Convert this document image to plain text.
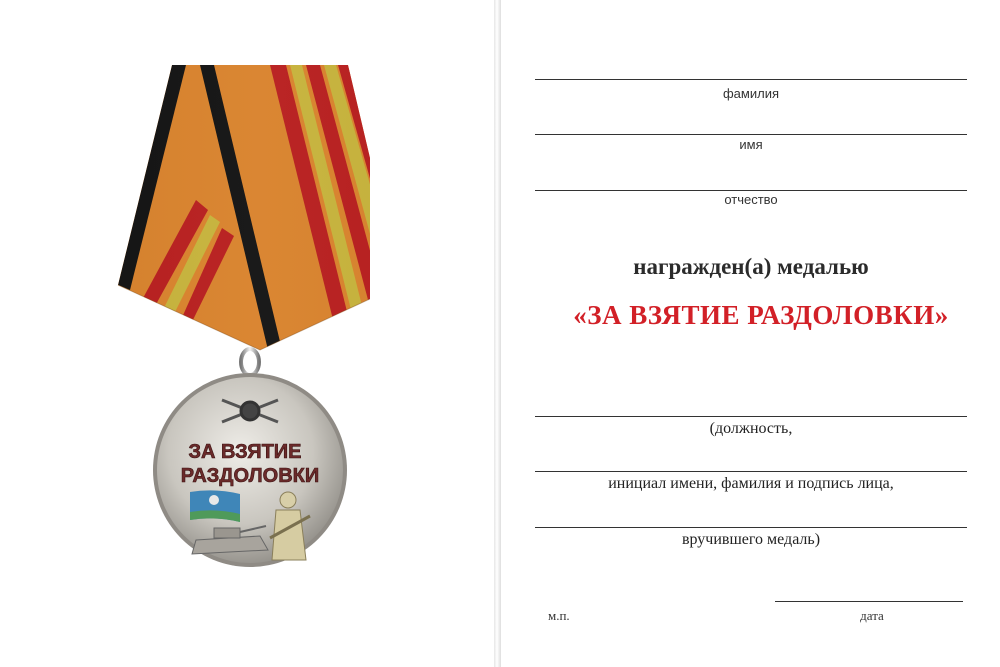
ЗА ВЗЯТИЕ
РАЗДОЛОВКИ
фамилия
имя
отчество
награжден(а) медалью
«ЗА ВЗЯТИЕ РАЗДОЛОВКИ»
(должность,
инициал имени, фамилия и подпись лица,
вручившего медаль)
м.п.	дата
